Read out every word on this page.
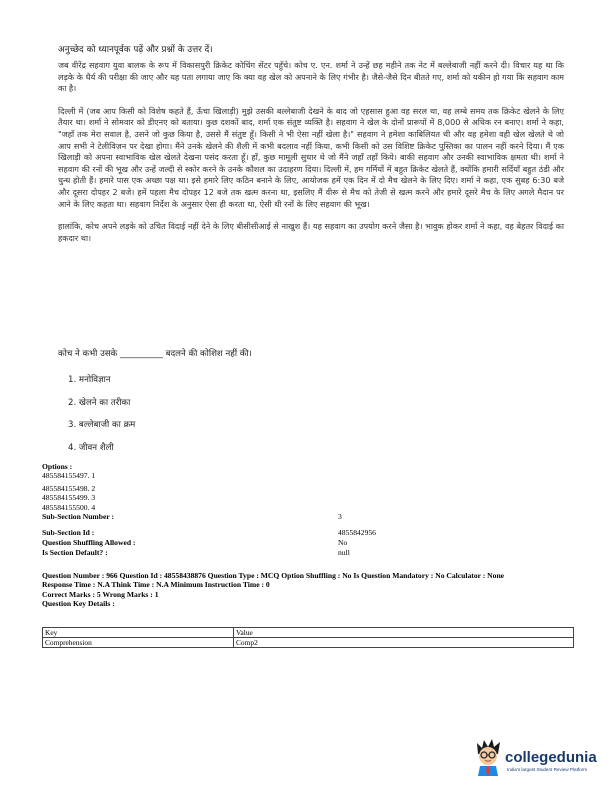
अनुच्छेद को ध्यानपूर्वक पढ़ें और प्रश्नों के उत्तर दें।

जब वीरेंद्र सहवाग युवा बालक के रूप में विकासपुरी क्रिकेट कोचिंग सेंटर पहुँचे। कोच ए. एन. शर्मा ने उन्हें छह महीने तक नेट में बल्लेबाजी नहीं करने दी। विचार यह था कि लड़के के धैर्य की परीक्षा की जाए और यह पता लगाया जाए कि क्या वह खेल को अपनाने के लिए गंभीर है। जैसे-जैसे दिन बीतते गए, शर्मा को यकीन हो गया कि सहवाग काम का है।

दिल्ली में (जब आप किसी को विशेष कहते हैं, ऊँचा खिलाड़ी) मुझे उसकी बल्लेबाजी देखने के बाद जो एहसास हुआ वह सरल था, वह लम्बे समय तक क्रिकेट खेलने के लिए तैयार था। शर्मा ने सोमवार को डीएनए को बताया। कुछ दशकों बाद, शर्मा एक संतुष्ट व्यक्ति है। सहवाग ने खेल के दोनों प्रारूपों में 8,000 से अधिक रन बनाए। शर्मा ने कहा, "जहाँ तक मेरा सवाल है, उसने जो कुछ किया है, उससे मैं संतुष्ट हूँ। किसी ने भी ऐसा नहीं खेला है।" सहवाग ने हमेशा काबिलियत थी और वह हमेशा वही खेल खेलते थे जो आप सभी ने टेलीविज़न पर देखा होगा। मैंने उनके खेलने की शैली में कभी बदलाव नहीं किया, कभी किसी को उस विशिष्ट क्रिकेट पुस्तिका का पालन नहीं करने दिया। मैं एक खिलाड़ी को अपना स्वाभाविक खेल खेलते देखना पसंद करता हूँ। हाँ, कुछ मामूली सुधार थे जो मैंने जहाँ तहाँ किये। बाकी सहवाग और उनकी स्वाभाविक क्षमता थी। शर्मा ने सहवाग की रनों की भूख और उन्हें जल्दी से स्कोर करने के उनके कौशल का उदाहरण दिया। दिल्ली में, हम गर्मियों में बहुत क्रिकेट खेलते हैं, क्योंकि हमारी सर्दियाँ बहुत ठंडी और धुन्ध होती हैं। हमारे पास एक अच्छा पक्ष था। इसे हमारे लिए कठिन बनाने के लिए, आयोजक हमें एक दिन में दो मैच खेलने के लिए दिए। शर्मा ने कहा, एक सुबह 6:30 बजे और दूसरा दोपहर 2 बजे। हमें पहला मैच दोपहर 12 बजे तक खत्म करना था, इसलिए मैं वीरू से मैच को तेजी से खत्म करने और हमारे दूसरे मैच के लिए अगले मैदान पर आने के लिए कहता था। सहवाग निर्देश के अनुसार ऐसा ही करता था, ऐसी थी रनों के लिए सहवाग की भूख।

हालांकि, कोच अपने लड़के को उचित विदाई नहीं देने के लिए बीसीसीआई से नाखुश हैं। यह सहवाग का उपयोग करने जैसा है। भावुक होकर शर्मा ने कहा, वह बेहतर विदाई का हकदार था।

कोच ने कभी उसके __________ बदलने की कोशिश नहीं की।
1. मनोविज्ञान
2. खेलने का तरीका
3. बल्लेबाजी का क्रम
4. जीवन शैली
Options :
485584155497. 1
485584155498. 2
485584155499. 3
485584155500. 4
Sub-Section Number :	3
Sub-Section Id :	4855842956
Question Shuffling Allowed :	No
Is Section Default? :	null
Question Number : 966 Question Id : 48558438876 Question Type : MCQ Option Shuffling : No Is Question Mandatory : No Calculator : None
Response Time : N.A Think Time : N.A Minimum Instruction Time : 0
Correct Marks : 5 Wrong Marks : 1
Question Key Details :
Key	Value
Comprehension	Comp2
collegedunia
India's largest Student Review Platform
